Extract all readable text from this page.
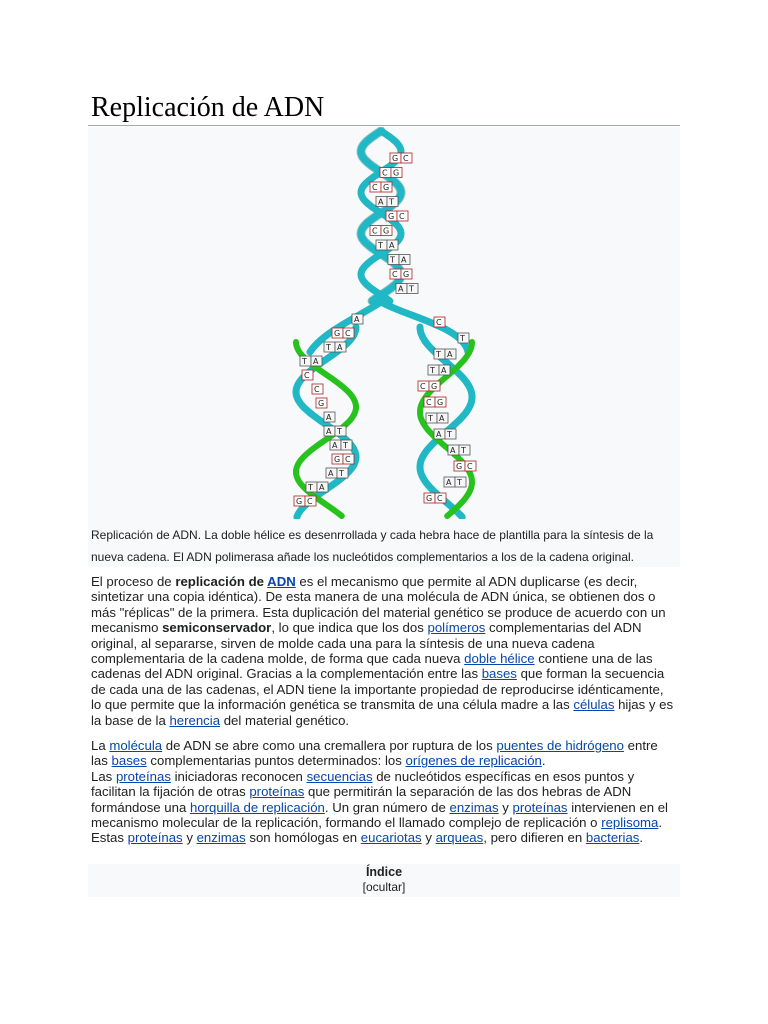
Replicación de ADN
G C
C G
C G
A T
G C
C G
T A
T A
C G
A T
A
G C
T A
T A
C
C
G
A
A T
A T
G C
A T
T A
G C
C
T
T A
T A
C G
C G
T A
A T
A T
G C
A T
G C

Replicación de ADN. La doble hélice es desenrrollada y cada hebra hace de plantilla para la síntesis de la nueva cadena. El ADN polimerasa añade los nucleótidos complementarios a los de la cadena original.

El proceso de replicación de ADN es el mecanismo que permite al ADN duplicarse (es decir, sintetizar una copia idéntica). De esta manera de una molécula de ADN única, se obtienen dos o más "réplicas" de la primera. Esta duplicación del material genético se produce de acuerdo con un mecanismo semiconservador, lo que indica que los dos polímeros complementarias del ADN original, al separarse, sirven de molde cada una para la síntesis de una nueva cadena complementaria de la cadena molde, de forma que cada nueva doble hélice contiene una de las cadenas del ADN original. Gracias a la complementación entre las bases que forman la secuencia de cada una de las cadenas, el ADN tiene la importante propiedad de reproducirse idénticamente, lo que permite que la información genética se transmita de una célula madre a las células hijas y es la base de la herencia del material genético.

La molécula de ADN se abre como una cremallera por ruptura de los puentes de hidrógeno entre las bases complementarias puntos determinados: los orígenes de replicación.
Las proteínas iniciadoras reconocen secuencias de nucleótidos específicas en esos puntos y facilitan la fijación de otras proteínas que permitirán la separación de las dos hebras de ADN formándose una horquilla de replicación. Un gran número de enzimas y proteínas intervienen en el mecanismo molecular de la replicación, formando el llamado complejo de replicación o replisoma. Estas proteínas y enzimas son homólogas en eucariotas y arqueas, pero difieren en bacterias.

Índice
[ocultar]
